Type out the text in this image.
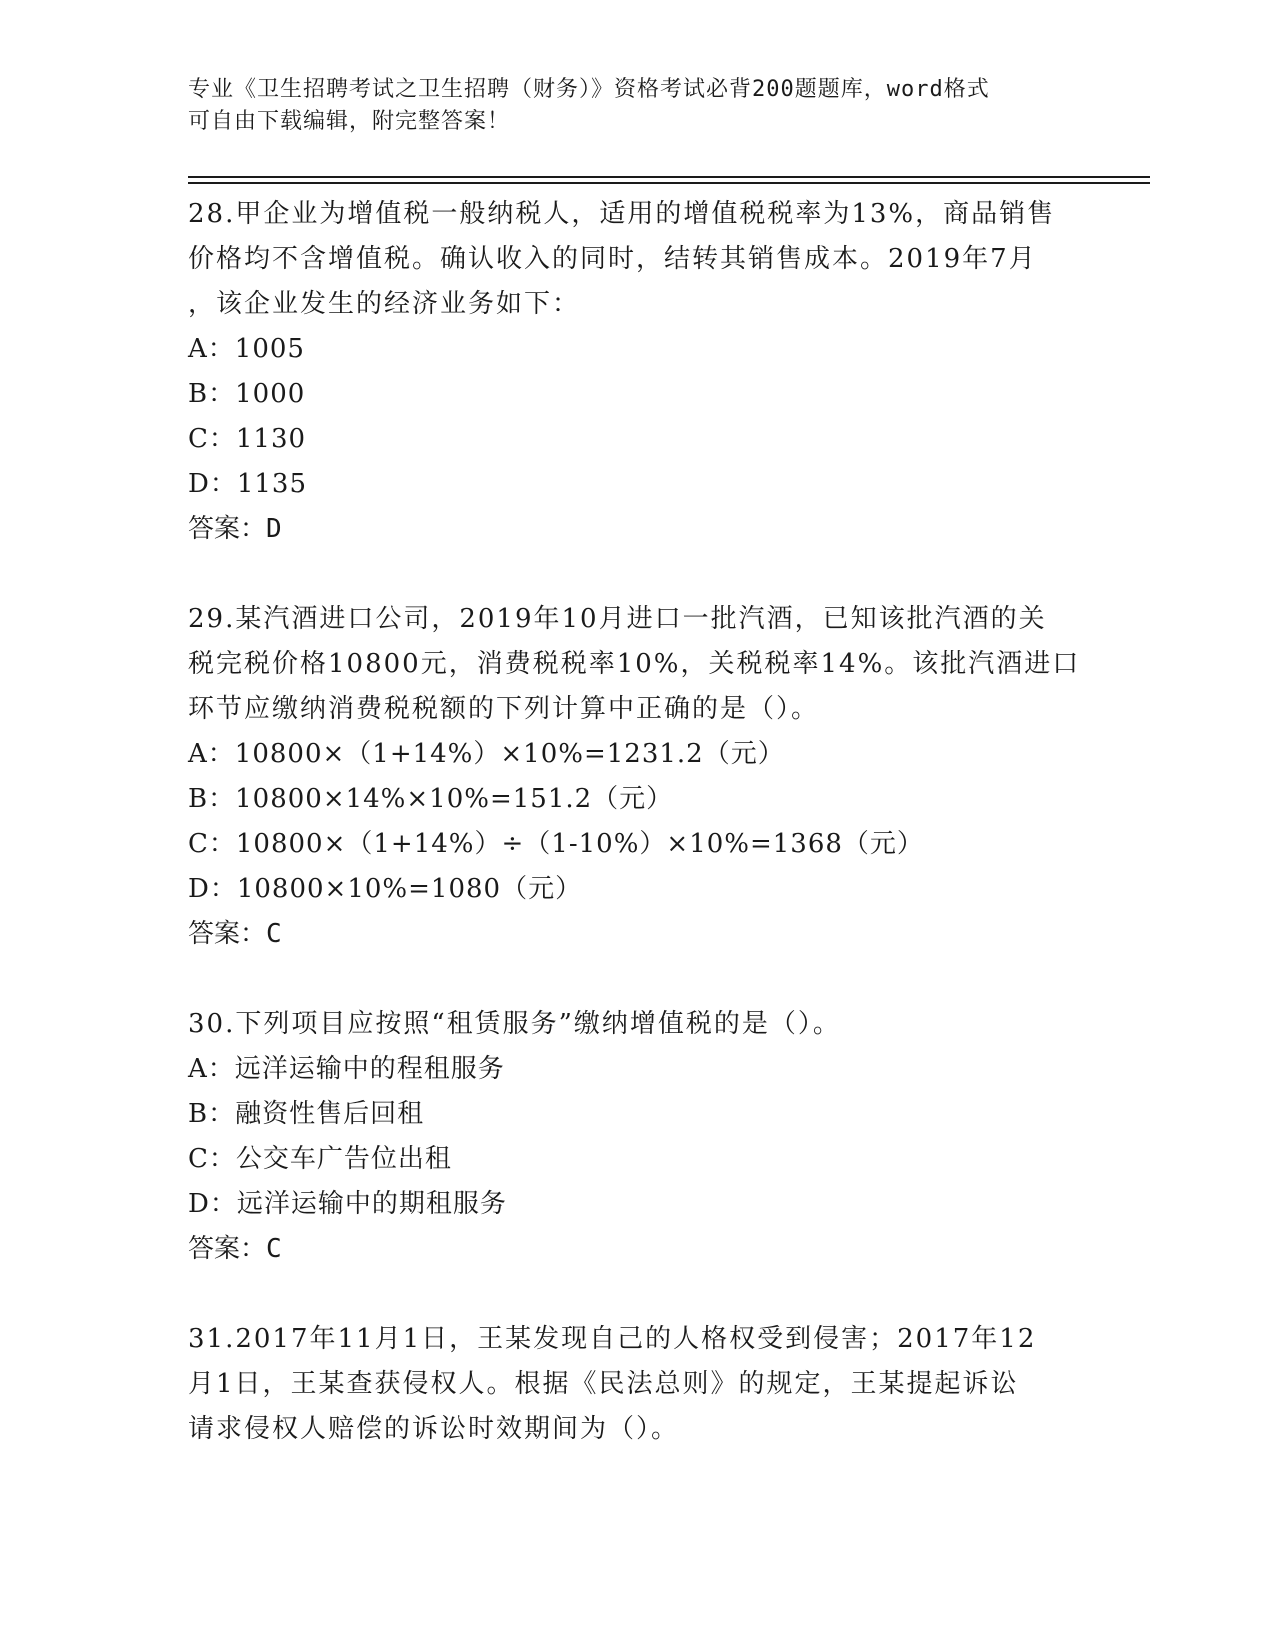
专业《卫生招聘考试之卫生招聘（财务）》资格考试必背200题题库，word格式
可自由下载编辑，附完整答案！
28.甲企业为增值税一般纳税人，适用的增值税税率为13%，商品销售
价格均不含增值税。确认收入的同时，结转其销售成本。2019年7月
，该企业发生的经济业务如下：
A：1005
B：1000
C：1130
D：1135
答案：D
29.某汽酒进口公司，2019年10月进口一批汽酒，已知该批汽酒的关
税完税价格10800元，消费税税率10%，关税税率14%。该批汽酒进口
环节应缴纳消费税税额的下列计算中正确的是（）。
A：10800×（1+14%）×10%=1231.2（元）
B：10800×14%×10%=151.2（元）
C：10800×（1+14%）÷（1-10%）×10%=1368（元）
D：10800×10%=1080（元）
答案：C
30.下列项目应按照“租赁服务”缴纳增值税的是（）。
A：远洋运输中的程租服务
B：融资性售后回租
C：公交车广告位出租
D：远洋运输中的期租服务
答案：C
31.2017年11月1日，王某发现自己的人格权受到侵害；2017年12
月1日，王某查获侵权人。根据《民法总则》的规定，王某提起诉讼
请求侵权人赔偿的诉讼时效期间为（）。
